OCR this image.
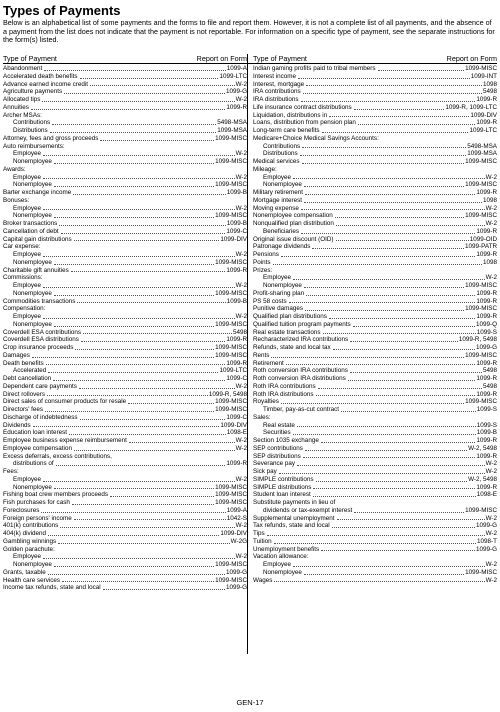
Types of Payments
Below is an alphabetical list of some payments and the forms to file and report them. However, it is not a complete list of all payments, and the absence of a payment from the list does not indicate that the payment is not reportable. For information on a specific type of payment, see the separate instructions for the form(s) listed.
Type of Payment	Report on Form Type of Payment	Report on Form
Abandonment	1099-A
Accelerated death benefits	1099-LTC
Advance earned income credit	W-2
Agriculture payments	1099-G
Allocated tips	W-2
Annuities	1099-R
Archer MSAs:
Contributions	5498-MSA
Distributions	1099-MSA
Attorney, fees and gross proceeds	1099-MISC
Auto reimbursements:
Employee	W-2
Nonemployee	1099-MISC
Awards:
Employee	W-2
Nonemployee	1099-MISC
Barter exchange income	1099-B
Bonuses:
Employee	W-2
Nonemployee	1099-MISC
Broker transactions	1099-B
Cancellation of debt	1099-C
Capital gain distributions	1099-DIV
Car expense:
Employee	W-2
Nonemployee	1099-MISC
Charitable gift annuities	1099-R
Commissions:
Employee	W-2
Nonemployee	1099-MISC
Commodities transactions	1099-B
Compensation:
Employee	W-2
Nonemployee	1099-MISC
Coverdell ESA contributions	5498
Coverdell ESA distributions	1099-R
Crop insurance proceeds	1099-MISC
Damages	1099-MISC
Death benefits	1099-R
Accelerated	1099-LTC
Debt cancellation	1099-C
Dependent care payments	W-2
Direct rollovers	1099-R, 5498
Direct sales of consumer products for resale	1099-MISC
Directors' fees	1099-MISC
Discharge of indebtedness	1099-C
Dividends	1099-DIV
Education loan interest	1098-E
Employee business expense reimbursement	W-2
Employee compensation	W-2
Excess deferrals, excess contributions,
distributions of	1099-R
Fees:
Employee	W-2
Nonemployee	1099-MISC
Fishing boat crew members proceeds	1099-MISC
Fish purchases for cash	1099-MISC
Foreclosures	1099-A
Foreign persons' income	1042-S
401(k) contributions	W-2
404(k) dividend	1099-DIV
Gambling winnings	W-2G
Golden parachute:
Employee	W-2
Nonemployee	1099-MISC
Grants, taxable	1099-G
Health care services	1099-MISC
Income tax refunds, state and local	1099-G
Indian gaming profits paid to tribal members	1099-MISC
Interest income	1099-INT
Interest, mortgage	1098
IRA contributions	5498
IRA distributions	1099-R
Life insurance contract distributions	1099-R, 1099-LTC
Liquidation, distributions in	1099-DIV
Loans, distribution from pension plan	1099-R
Long-term care benefits	1099-LTC
Medicare+Choice Medical Savings Accounts:
Contributions	5498-MSA
Distributions	1099-MSA
Medical services	1099-MISC
Mileage:
Employee	W-2
Nonemployee	1099-MISC
Military retirement	1099-R
Mortgage interest	1098
Moving expense	W-2
Nonemployee compensation	1099-MISC
Nonqualified plan distribution	W-2
Beneficiaries	1099-R
Original issue discount (OID)	1099-OID
Patronage dividends	1099-PATR
Pensions	1099-R
Points	1098
Prizes:
Employee	W-2
Nonemployee	1099-MISC
Profit-sharing plan	1099-R
PS 58 costs	1099-R
Punitive damages	1099-MISC
Qualified plan distributions	1099-R
Qualified tuition program payments	1099-Q
Real estate transactions	1099-S
Recharacterized IRA contributions	1099-R, 5498
Refunds, state and local tax	1099-G
Rents	1099-MISC
Retirement	1099-R
Roth conversion IRA contributions	5498
Roth conversion IRA distributions	1099-R
Roth IRA contributions	5498
Roth IRA distributions	1099-R
Royalties	1099-MISC
Timber, pay-as-cut contract	1099-S
Sales:
Real estate	1099-S
Securities	1099-B
Section 1035 exchange	1099-R
SEP contributions	W-2, 5498
SEP distributions	1099-R
Severance pay	W-2
Sick pay	W-2
SIMPLE contributions	W-2, 5498
SIMPLE distributions	1099-R
Student loan interest	1098-E
Substitute payments in lieu of
dividends or tax-exempt interest	1099-MISC
Supplemental unemployment	W-2
Tax refunds, state and local	1099-G
Tips	W-2
Tuition	1098-T
Unemployment benefits	1099-G
Vacation allowance:
Employee	W-2
Nonemployee	1099-MISC
Wages	W-2
GEN-17
